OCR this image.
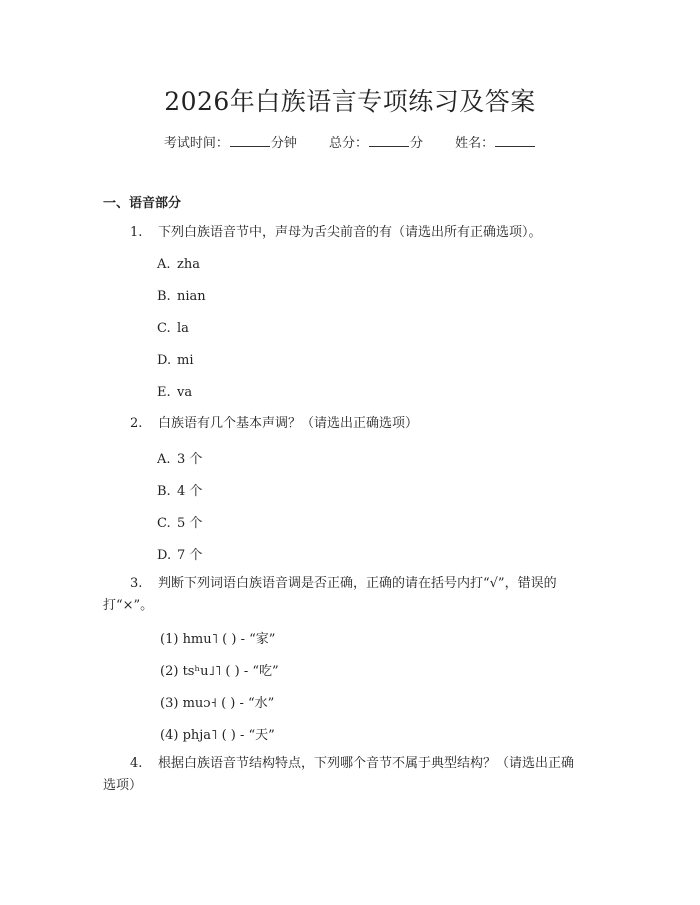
2026年白族语言专项练习及答案
考试时间：	分钟 总分：	分 姓名：
一、语音部分
1. 下列白族语音节中，声母为舌尖前音的有（请选出所有正确选项）。
A. zha
B. nian
C. la
D. mi
E. va
2. 白族语有几个基本声调？（请选出正确选项）
A. 3 个
B. 4 个
C. 5 个
D. 7 个
3. 判断下列词语白族语音调是否正确，正确的请在括号内打“√”，错误的
打“×”。
(1) hmu˥ ( ) - “家”
(2) tsʰu˩˥ ( ) - “吃”
(3) muɔ˧ ( ) - “水”
(4) phja˥ ( ) - “天”
4. 根据白族语音节结构特点，下列哪个音节不属于典型结构？（请选出正确
选项）
